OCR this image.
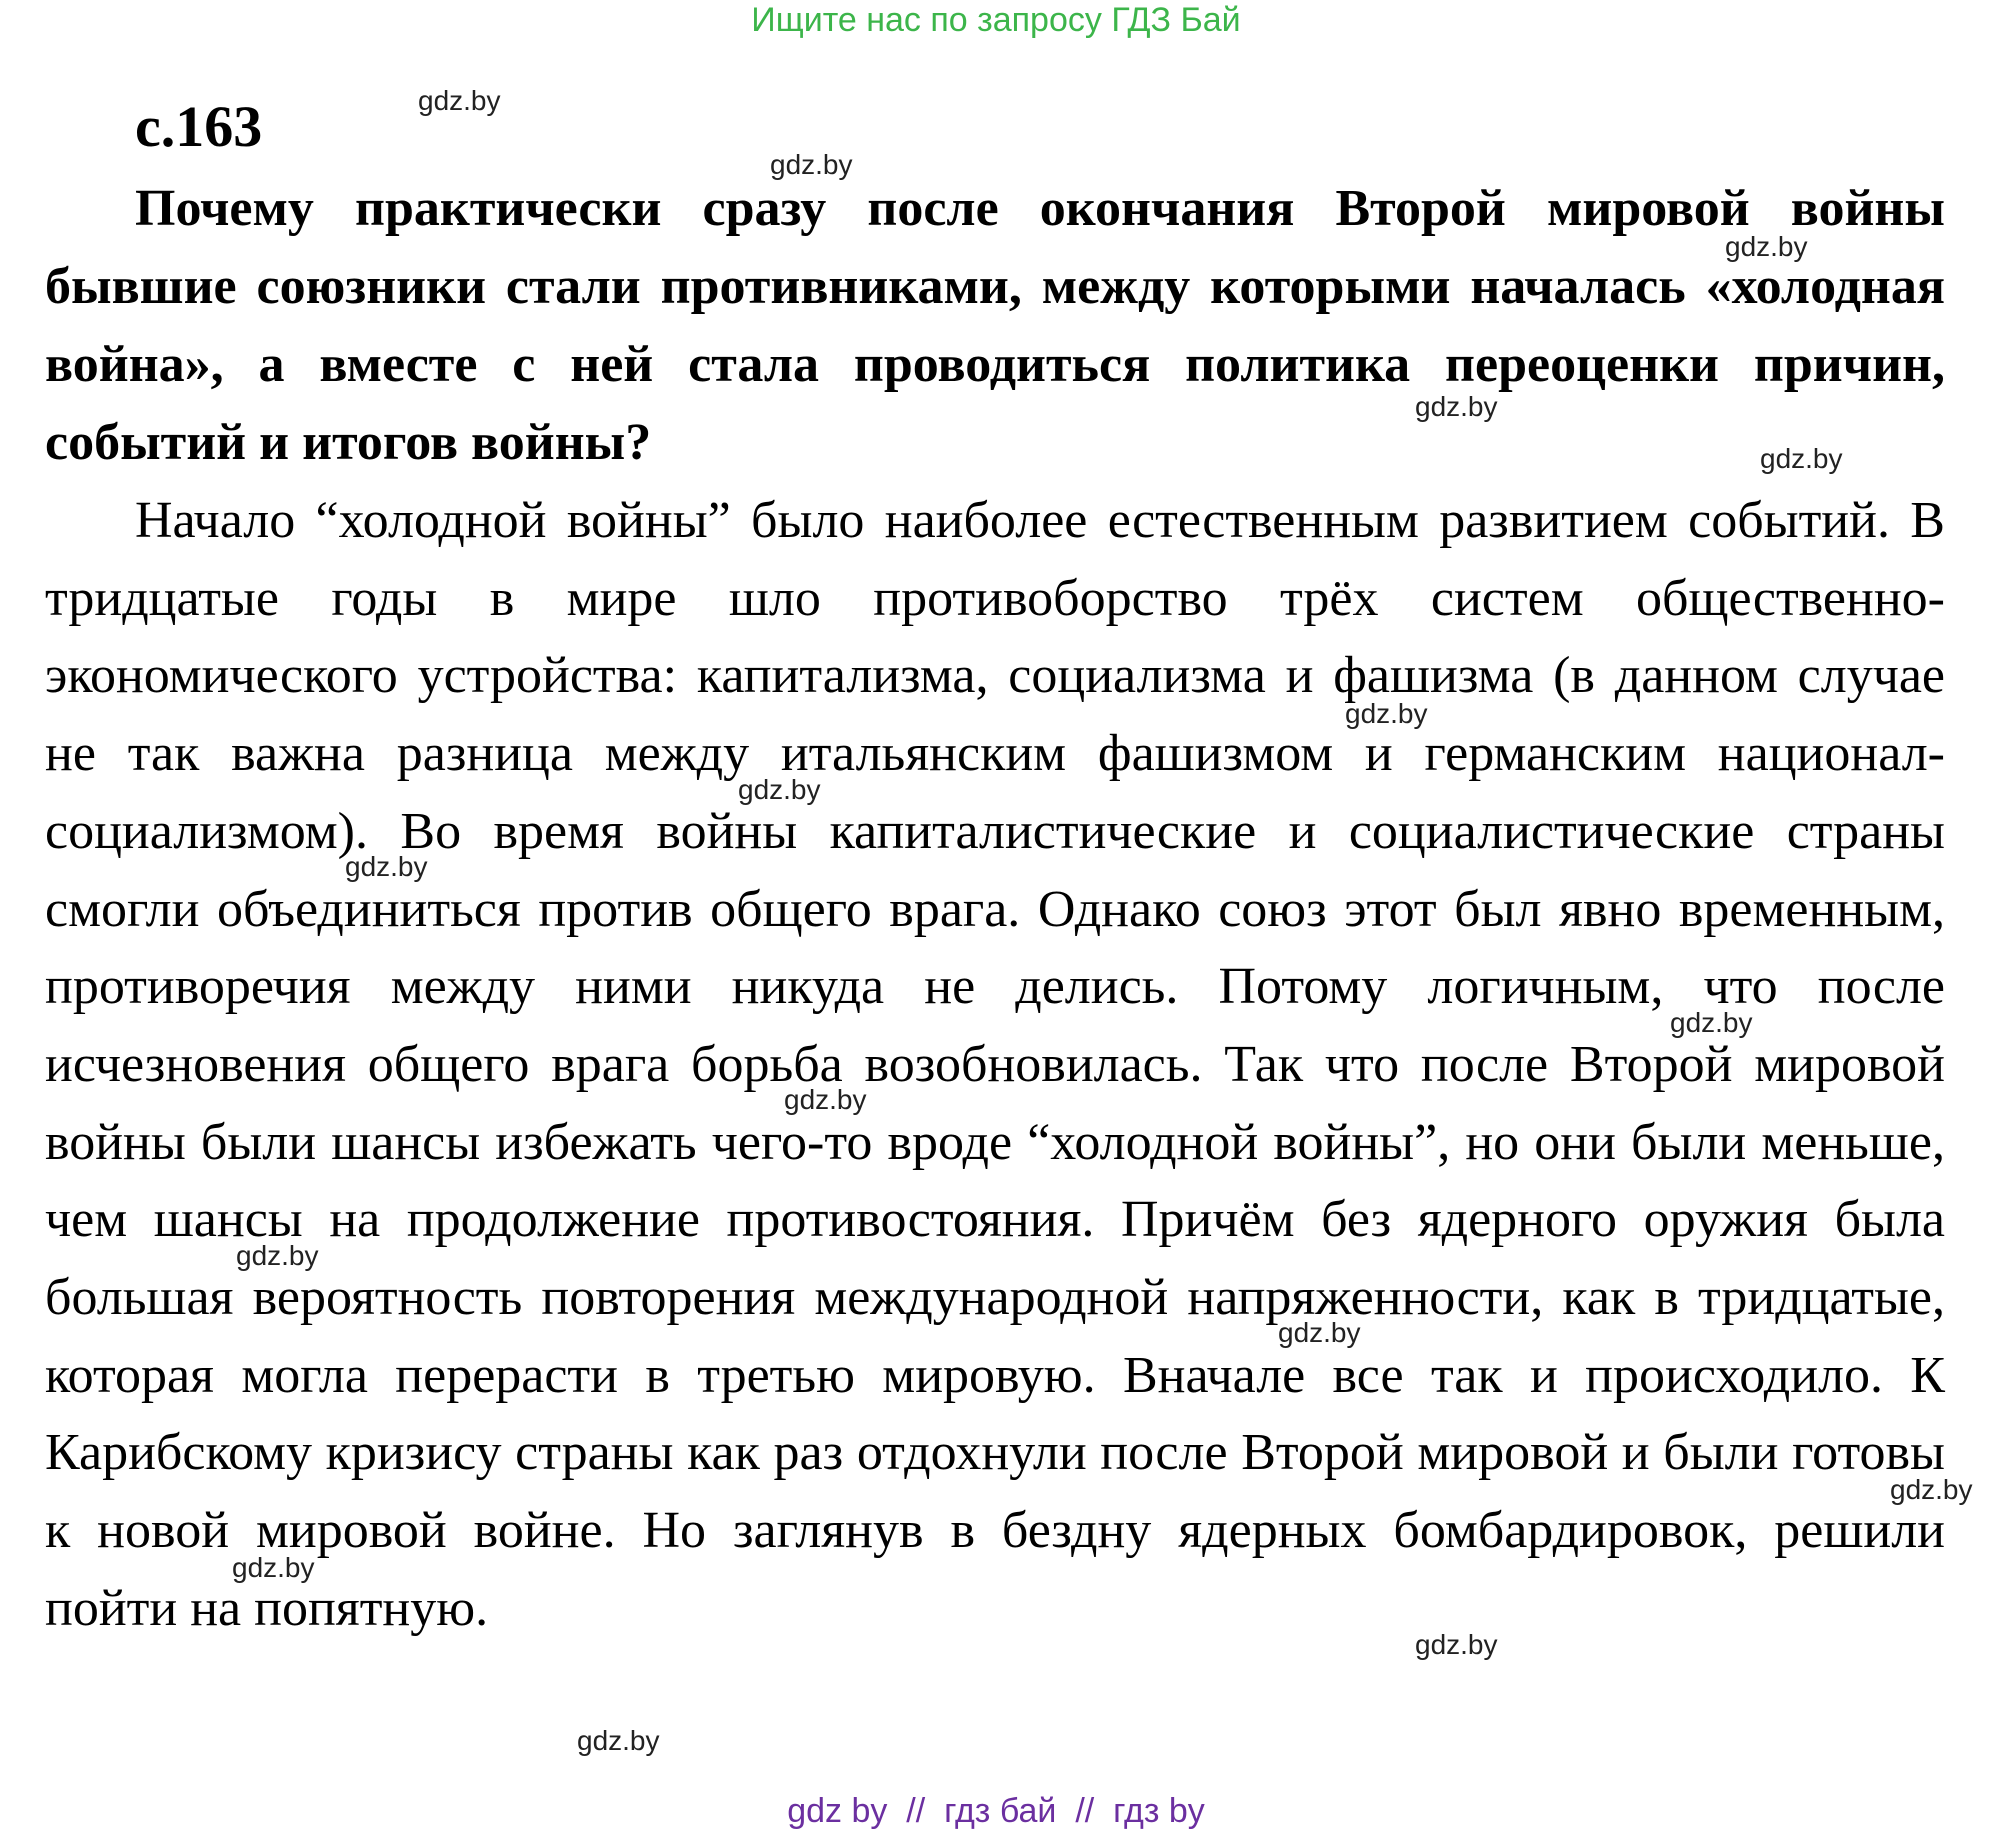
Ищите нас по запросу ГДЗ Бай
с.163

Почему практически сразу после окончания Второй мировой войны бывшие союзники стали противниками, между которыми началась «холодная война», а вместе с ней стала проводиться политика переоценки причин, событий и итогов войны?

Начало “холодной войны” было наиболее естественным развитием событий. В тридцатые годы в мире шло противоборство трёх систем общественно-экономического устройства: капитализма, социализма и фашизма (в данном случае не так важна разница между итальянским фашизмом и германским национал-социализмом). Во время войны капиталистические и социалистические страны смогли объединиться против общего врага. Однако союз этот был явно временным, противоречия между ними никуда не делись. Потому логичным, что после исчезновения общего врага борьба возобновилась. Так что после Второй мировой войны были шансы избежать чего-то вроде “холодной войны”, но они были меньше, чем шансы на продолжение противостояния. Причём без ядерного оружия была большая вероятность повторения международной напряженности, как в тридцатые, которая могла перерасти в третью мировую. Вначале все так и происходило. К Карибскому кризису страны как раз отдохнули после Второй мировой и были готовы к новой мировой войне. Но заглянув в бездну ядерных бомбардировок, решили пойти на попятную.

gdz.by
gdz.by
gdz.by
gdz.by
gdz.by
gdz.by
gdz.by
gdz.by
gdz.by
gdz.by
gdz.by
gdz.by
gdz.by
gdz.by
gdz.by
gdz.by
gdz by  //  гдз бай  //  гдз by
